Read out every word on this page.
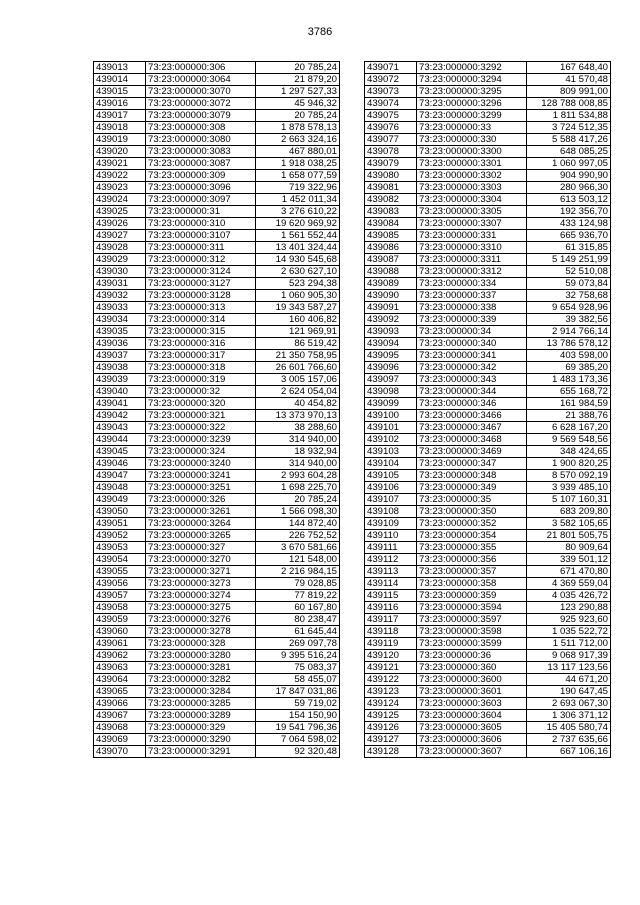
3786
439013	73:23:000000:306	20 785,24
439014	73:23:000000:3064	21 879,20
439015	73:23:000000:3070	1 297 527,33
439016	73:23:000000:3072	45 946,32
439017	73:23:000000:3079	20 785,24
439018	73:23:000000:308	1 878 578,13
439019	73:23:000000:3080	2 663 324,16
439020	73:23:000000:3083	467 880,01
439021	73:23:000000:3087	1 918 038,25
439022	73:23:000000:309	1 658 077,59
439023	73:23:000000:3096	719 322,96
439024	73:23:000000:3097	1 452 011,34
439025	73:23:000000:31	3 276 610,22
439026	73:23:000000:310	19 620 969,92
439027	73:23:000000:3107	1 561 552,44
439028	73:23:000000:311	13 401 324,44
439029	73:23:000000:312	14 930 545,68
439030	73:23:000000:3124	2 630 627,10
439031	73:23:000000:3127	523 294,38
439032	73:23:000000:3128	1 060 905,30
439033	73:23:000000:313	19 343 587,27
439034	73:23:000000:314	160 406,82
439035	73:23:000000:315	121 969,91
439036	73:23:000000:316	86 519,42
439037	73:23:000000:317	21 350 758,95
439038	73:23:000000:318	26 601 766,60
439039	73:23:000000:319	3 005 157,06
439040	73:23:000000:32	2 624 054,04
439041	73:23:000000:320	40 454,82
439042	73:23:000000:321	13 373 970,13
439043	73:23:000000:322	38 288,60
439044	73:23:000000:3239	314 940,00
439045	73:23:000000:324	18 932,94
439046	73:23:000000:3240	314 940,00
439047	73:23:000000:3241	2 993 604,28
439048	73:23:000000:3251	1 698 225,70
439049	73:23:000000:326	20 785,24
439050	73:23:000000:3261	1 566 098,30
439051	73:23:000000:3264	144 872,40
439052	73:23:000000:3265	226 752,52
439053	73:23:000000:327	3 670 581,66
439054	73:23:000000:3270	121 548,00
439055	73:23:000000:3271	2 216 984,15
439056	73:23:000000:3273	79 028,85
439057	73:23:000000:3274	77 819,22
439058	73:23:000000:3275	60 167,80
439059	73:23:000000:3276	80 238,47
439060	73:23:000000:3278	61 645,44
439061	73:23:000000:328	269 097,78
439062	73:23:000000:3280	9 395 516,24
439063	73:23:000000:3281	75 083,37
439064	73:23:000000:3282	58 455,07
439065	73:23:000000:3284	17 847 031,86
439066	73:23:000000:3285	59 719,02
439067	73:23:000000:3289	154 150,90
439068	73:23:000000:329	19 541 796,36
439069	73:23:000000:3290	7 064 598,02
439070	73:23:000000:3291	92 320,48
439071	73:23:000000:3292	167 648,40
439072	73:23:000000:3294	41 570,48
439073	73:23:000000:3295	809 991,00
439074	73:23:000000:3296	128 788 008,85
439075	73:23:000000:3299	1 811 534,88
439076	73:23:000000:33	3 724 512,35
439077	73:23:000000:330	5 588 417,26
439078	73:23:000000:3300	648 085,25
439079	73:23:000000:3301	1 060 997,05
439080	73:23:000000:3302	904 990,90
439081	73:23:000000:3303	280 966,30
439082	73:23:000000:3304	613 503,12
439083	73:23:000000:3305	192 356,70
439084	73:23:000000:3307	433 124,98
439085	73:23:000000:331	665 936,70
439086	73:23:000000:3310	61 315,85
439087	73:23:000000:3311	5 149 251,99
439088	73:23:000000:3312	52 510,08
439089	73:23:000000:334	59 073,84
439090	73:23:000000:337	32 758,68
439091	73:23:000000:338	9 654 928,96
439092	73:23:000000:339	39 382,56
439093	73:23:000000:34	2 914 766,14
439094	73:23:000000:340	13 786 578,12
439095	73:23:000000:341	403 598,00
439096	73:23:000000:342	69 385,20
439097	73:23:000000:343	1 483 173,36
439098	73:23:000000:344	655 168,72
439099	73:23:000000:346	161 984,59
439100	73:23:000000:3466	21 388,76
439101	73:23:000000:3467	6 628 167,20
439102	73:23:000000:3468	9 569 548,56
439103	73:23:000000:3469	348 424,65
439104	73:23:000000:347	1 900 820,25
439105	73:23:000000:348	8 570 092,19
439106	73:23:000000:349	3 939 485,10
439107	73:23:000000:35	5 107 160,31
439108	73:23:000000:350	683 209,80
439109	73:23:000000:352	3 582 105,65
439110	73:23:000000:354	21 801 505,75
439111	73:23:000000:355	80 909,64
439112	73:23:000000:356	339 501,12
439113	73:23:000000:357	671 470,80
439114	73:23:000000:358	4 369 559,04
439115	73:23:000000:359	4 035 426,72
439116	73:23:000000:3594	123 290,88
439117	73:23:000000:3597	925 923,60
439118	73:23:000000:3598	1 035 522,72
439119	73:23:000000:3599	1 511 712,00
439120	73:23:000000:36	9 068 917,39
439121	73:23:000000:360	13 117 123,56
439122	73:23:000000:3600	44 671,20
439123	73:23:000000:3601	190 647,45
439124	73:23:000000:3603	2 693 067,30
439125	73:23:000000:3604	1 306 371,12
439126	73:23:000000:3605	15 405 580,74
439127	73:23:000000:3606	2 737 635,66
439128	73:23:000000:3607	667 106,16
